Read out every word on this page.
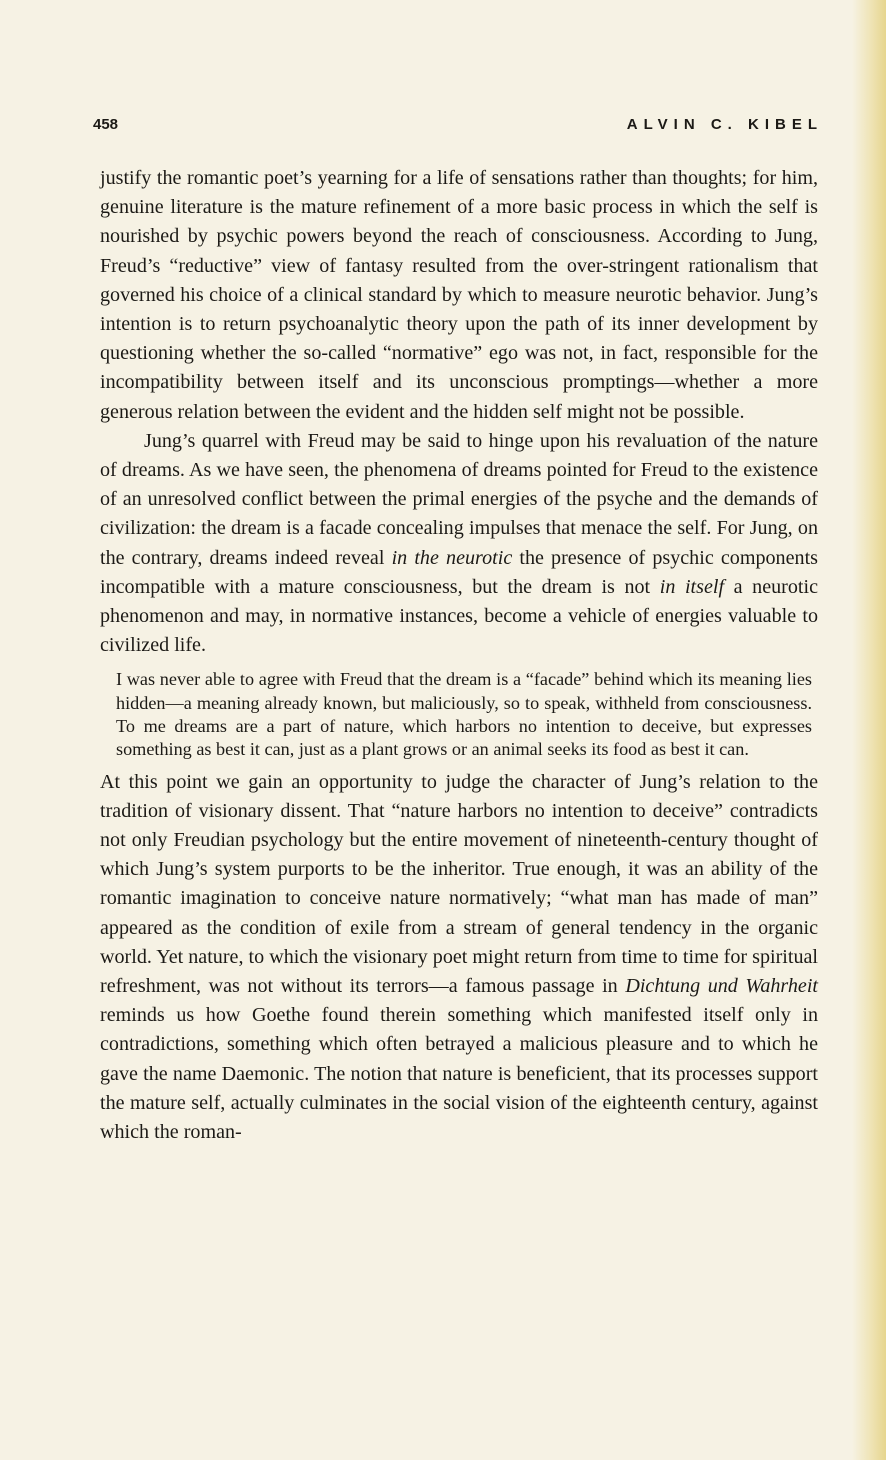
458	ALVIN C. KIBEL

justify the romantic poet’s yearning for a life of sensations rather than thoughts; for him, genuine literature is the mature refinement of a more basic process in which the self is nourished by psychic powers beyond the reach of consciousness. According to Jung, Freud’s “reductive” view of fantasy resulted from the over-stringent rationalism that governed his choice of a clinical standard by which to measure neurotic behavior. Jung’s intention is to return psychoanalytic theory upon the path of its inner development by questioning whether the so-called “normative” ego was not, in fact, responsible for the incompatibility between itself and its unconscious promptings—whether a more generous relation between the evident and the hidden self might not be possible.

Jung’s quarrel with Freud may be said to hinge upon his revaluation of the nature of dreams. As we have seen, the phenomena of dreams pointed for Freud to the existence of an unresolved conflict between the primal energies of the psyche and the demands of civilization: the dream is a facade concealing impulses that menace the self. For Jung, on the contrary, dreams indeed reveal in the neurotic the presence of psychic components incompatible with a mature consciousness, but the dream is not in itself a neurotic phenomenon and may, in normative instances, become a vehicle of energies valuable to civilized life.

I was never able to agree with Freud that the dream is a “facade” behind which its meaning lies hidden—a meaning already known, but maliciously, so to speak, withheld from consciousness. To me dreams are a part of nature, which harbors no intention to deceive, but expresses something as best it can, just as a plant grows or an animal seeks its food as best it can.

At this point we gain an opportunity to judge the character of Jung’s relation to the tradition of visionary dissent. That “nature harbors no intention to deceive” contradicts not only Freudian psychology but the entire movement of nineteenth-century thought of which Jung’s system purports to be the inheritor. True enough, it was an ability of the romantic imagination to conceive nature normatively; “what man has made of man” appeared as the condition of exile from a stream of general tendency in the organic world. Yet nature, to which the visionary poet might return from time to time for spiritual refreshment, was not without its terrors—a famous passage in Dichtung und Wahrheit reminds us how Goethe found therein something which manifested itself only in contradictions, something which often betrayed a malicious pleasure and to which he gave the name Daemonic. The notion that nature is beneficient, that its processes support the mature self, actually culminates in the social vision of the eighteenth century, against which the roman-
